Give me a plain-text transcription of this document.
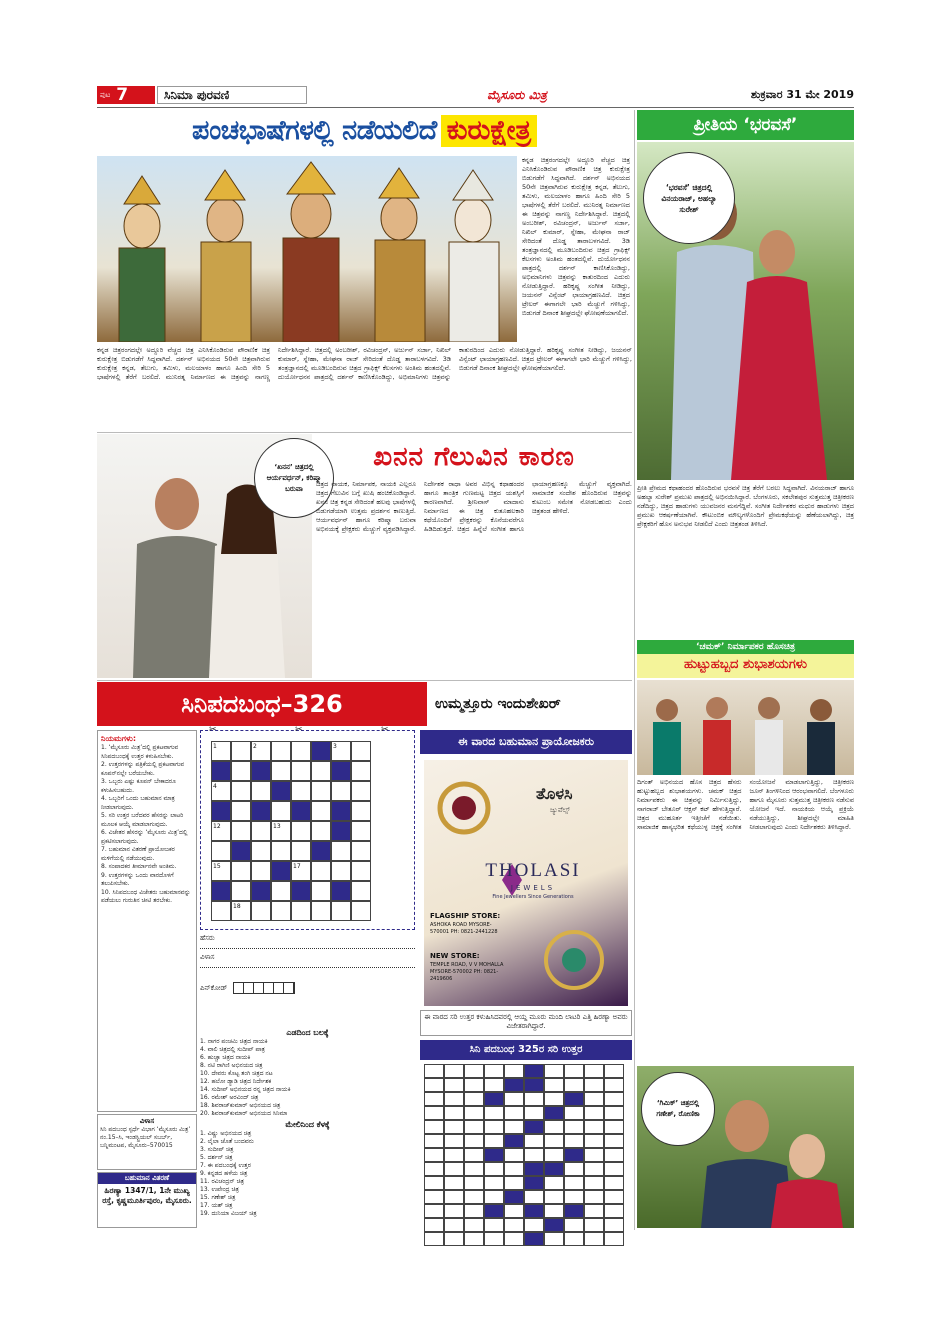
ಪುಟ 7	ಸಿನಿಮಾ ಪುರವಣಿ	ಮೈಸೂರು ಮಿತ್ರ	ಶುಕ್ರವಾರ 31 ಮೇ 2019
ಪಂಚಭಾಷೆಗಳಲ್ಲಿ ನಡೆಯಲಿದೆ ಕುರುಕ್ಷೇತ್ರ
ಕನ್ನಡ ಚಿತ್ರರಂಗದಲ್ಲೇ ಅದ್ದೂರಿ ವೆಚ್ಚದ ಚಿತ್ರ ಎನಿಸಿಕೊಂಡಿರುವ ಪೌರಾಣಿಕ ಚಿತ್ರ ಕುರುಕ್ಷೇತ್ರ ಬಿಡುಗಡೆಗೆ ಸಿದ್ಧವಾಗಿದೆ. ದರ್ಶನ್ ಅಭಿನಯದ 50ನೇ ಚಿತ್ರವಾಗಿರುವ ಕುರುಕ್ಷೇತ್ರ ಕನ್ನಡ, ತೆಲುಗು, ತಮಿಳು, ಮಲಯಾಳಂ ಹಾಗೂ ಹಿಂದಿ ಸೇರಿ 5 ಭಾಷೆಗಳಲ್ಲಿ ತೆರೆಗೆ ಬರಲಿದೆ. ಮುನಿರತ್ನ ನಿರ್ಮಾಣದ ಈ ಚಿತ್ರವನ್ನು ನಾಗಣ್ಣ ನಿರ್ದೇಶಿಸಿದ್ದಾರೆ. ಚಿತ್ರದಲ್ಲಿ ಅಂಬರೀಶ್, ರವಿಚಂದ್ರನ್, ಅರ್ಜುನ್ ಸರ್ಜಾ, ನಿಖಿಲ್ ಕುಮಾರ್, ಸ್ನೇಹಾ, ಮೇಘನಾ ರಾಜ್ ಸೇರಿದಂತೆ ದೊಡ್ಡ ತಾರಾಬಳಗವಿದೆ. 3ಡಿ ತಂತ್ರಜ್ಞಾನದಲ್ಲಿ ಮೂಡಿಬಂದಿರುವ ಚಿತ್ರದ ಗ್ರಾಫಿಕ್ಸ್ ಕೆಲಸಗಳು ಅಂತಿಮ ಹಂತದಲ್ಲಿವೆ. ದುರ್ಯೋಧನನ ಪಾತ್ರದಲ್ಲಿ ದರ್ಶನ್ ಕಾಣಿಸಿಕೊಂಡಿದ್ದು, ಅಭಿಮಾನಿಗಳು ಚಿತ್ರವನ್ನು ಕಾತುರದಿಂದ ಎದುರು ನೋಡುತ್ತಿದ್ದಾರೆ. ಹರಿಕೃಷ್ಣ ಸಂಗೀತ ನೀಡಿದ್ದು, ಜಯನನ್ ವಿನ್ಸೆಂಟ್ ಛಾಯಾಗ್ರಹಣವಿದೆ. ಚಿತ್ರದ ಟ್ರೇಲರ್ ಈಗಾಗಲೇ ಭಾರಿ ಮೆಚ್ಚುಗೆ ಗಳಿಸಿದ್ದು, ಬಿಡುಗಡೆ ದಿನಾಂಕ ಶೀಘ್ರದಲ್ಲೇ ಘೋಷಣೆಯಾಗಲಿದೆ.
ಕನ್ನಡ ಚಿತ್ರರಂಗದಲ್ಲೇ ಅದ್ದೂರಿ ವೆಚ್ಚದ ಚಿತ್ರ ಎನಿಸಿಕೊಂಡಿರುವ ಪೌರಾಣಿಕ ಚಿತ್ರ ಕುರುಕ್ಷೇತ್ರ ಬಿಡುಗಡೆಗೆ ಸಿದ್ಧವಾಗಿದೆ. ದರ್ಶನ್ ಅಭಿನಯದ 50ನೇ ಚಿತ್ರವಾಗಿರುವ ಕುರುಕ್ಷೇತ್ರ ಕನ್ನಡ, ತೆಲುಗು, ತಮಿಳು, ಮಲಯಾಳಂ ಹಾಗೂ ಹಿಂದಿ ಸೇರಿ 5 ಭಾಷೆಗಳಲ್ಲಿ ತೆರೆಗೆ ಬರಲಿದೆ. ಮುನಿರತ್ನ ನಿರ್ಮಾಣದ ಈ ಚಿತ್ರವನ್ನು ನಾಗಣ್ಣ ನಿರ್ದೇಶಿಸಿದ್ದಾರೆ. ಚಿತ್ರದಲ್ಲಿ ಅಂಬರೀಶ್, ರವಿಚಂದ್ರನ್, ಅರ್ಜುನ್ ಸರ್ಜಾ, ನಿಖಿಲ್ ಕುಮಾರ್, ಸ್ನೇಹಾ, ಮೇಘನಾ ರಾಜ್ ಸೇರಿದಂತೆ ದೊಡ್ಡ ತಾರಾಬಳಗವಿದೆ. 3ಡಿ ತಂತ್ರಜ್ಞಾನದಲ್ಲಿ ಮೂಡಿಬಂದಿರುವ ಚಿತ್ರದ ಗ್ರಾಫಿಕ್ಸ್ ಕೆಲಸಗಳು ಅಂತಿಮ ಹಂತದಲ್ಲಿವೆ. ದುರ್ಯೋಧನನ ಪಾತ್ರದಲ್ಲಿ ದರ್ಶನ್ ಕಾಣಿಸಿಕೊಂಡಿದ್ದು, ಅಭಿಮಾನಿಗಳು ಚಿತ್ರವನ್ನು ಕಾತುರದಿಂದ ಎದುರು ನೋಡುತ್ತಿದ್ದಾರೆ. ಹರಿಕೃಷ್ಣ ಸಂಗೀತ ನೀಡಿದ್ದು, ಜಯನನ್ ವಿನ್ಸೆಂಟ್ ಛಾಯಾಗ್ರಹಣವಿದೆ. ಚಿತ್ರದ ಟ್ರೇಲರ್ ಈಗಾಗಲೇ ಭಾರಿ ಮೆಚ್ಚುಗೆ ಗಳಿಸಿದ್ದು, ಬಿಡುಗಡೆ ದಿನಾಂಕ ಶೀಘ್ರದಲ್ಲೇ ಘೋಷಣೆಯಾಗಲಿದೆ.
ಪ್ರೀತಿಯ ‘ಭರವಸೆ’
‘ಭರವಸೆ’ ಚಿತ್ರದಲ್ಲಿ ವಿನಯರಾಜ್, ಅಹಲ್ಯಾ ಸುರೇಶ್
ಪ್ರೀತಿ ಪ್ರೇಮದ ಕಥಾಹಂದರ ಹೊಂದಿರುವ ಭರವಸೆ ಚಿತ್ರ ತೆರೆಗೆ ಬರಲು ಸಿದ್ಧವಾಗಿದೆ. ವಿನಯರಾಜ್ ಹಾಗೂ ಅಹಲ್ಯಾ ಸುರೇಶ್ ಪ್ರಮುಖ ಪಾತ್ರದಲ್ಲಿ ಅಭಿನಯಿಸಿದ್ದಾರೆ. ಬೆಂಗಳೂರು, ಸಕಲೇಶಪುರ ಸುತ್ತಮುತ್ತ ಚಿತ್ರೀಕರಣ ನಡೆದಿದ್ದು, ಚಿತ್ರದ ಹಾಡುಗಳು ಯುವಜನರ ಮನಗೆದ್ದಿವೆ. ಸಂಗೀತ ನಿರ್ದೇಶಕರ ಮಧುರ ಹಾಡುಗಳು ಚಿತ್ರದ ಪ್ರಮುಖ ಆಕರ್ಷಣೆಯಾಗಿವೆ. ಕೌಟುಂಬಿಕ ಮೌಲ್ಯಗಳೊಂದಿಗೆ ಪ್ರೇಮಕಥೆಯನ್ನು ಹೆಣೆಯಲಾಗಿದ್ದು, ಚಿತ್ರ ಪ್ರೇಕ್ಷಕರಿಗೆ ಹೊಸ ಅನುಭವ ನೀಡಲಿದೆ ಎಂದು ಚಿತ್ರತಂಡ ತಿಳಿಸಿದೆ.
‘ಖನನ’ ಚಿತ್ರದಲ್ಲಿ ಆರ್ಯವರ್ಧನ್, ಕರಿಷ್ಮಾ ಬರುವಾ
ಖನನ ಗೆಲುವಿನ ಕಾರಣ
ಚಿತ್ರದ ನಾಯಕ, ನಿರ್ಮಾಪಕ, ನಾಯಕಿ ಎಲ್ಲರೂ ಚಿತ್ರದ ಗೆಲುವಿನ ಬಗ್ಗೆ ಖುಷಿ ಹಂಚಿಕೊಂಡಿದ್ದಾರೆ. ಖನನ ಚಿತ್ರ ಕನ್ನಡ ಸೇರಿದಂತೆ ಹಲವು ಭಾಷೆಗಳಲ್ಲಿ ಬಿಡುಗಡೆಯಾಗಿ ಉತ್ತಮ ಪ್ರದರ್ಶನ ಕಾಣುತ್ತಿದೆ. ಆರ್ಯವರ್ಧನ್ ಹಾಗೂ ಕರಿಷ್ಮಾ ಬರುವಾ ಅಭಿನಯಕ್ಕೆ ಪ್ರೇಕ್ಷಕರು ಮೆಚ್ಚುಗೆ ವ್ಯಕ್ತಪಡಿಸಿದ್ದಾರೆ. ನಿರ್ದೇಶಕ ರಾಧಾ ಅವರ ವಿಭಿನ್ನ ಕಥಾಹಂದರ ಹಾಗೂ ತಾಂತ್ರಿಕ ಗುಣಮಟ್ಟ ಚಿತ್ರದ ಯಶಸ್ಸಿಗೆ ಕಾರಣವಾಗಿದೆ. ಶ್ರೀನಿವಾಸ್ ಮಾದಾಸು ನಿರ್ಮಾಣದ ಈ ಚಿತ್ರ ಕುತೂಹಲಕಾರಿ ಕಥೆಯೊಂದಿಗೆ ಪ್ರೇಕ್ಷಕರನ್ನು ಕೊನೆಯವರೆಗೂ ಹಿಡಿದಿಡುತ್ತದೆ. ಚಿತ್ರದ ಹಿನ್ನೆಲೆ ಸಂಗೀತ ಹಾಗೂ ಛಾಯಾಗ್ರಹಣಕ್ಕೂ ಮೆಚ್ಚುಗೆ ವ್ಯಕ್ತವಾಗಿದೆ. ಸಾಮಾಜಿಕ ಸಂದೇಶ ಹೊಂದಿರುವ ಚಿತ್ರವನ್ನು ಕುಟುಂಬ ಸಮೇತ ನೋಡಬಹುದು ಎಂದು ಚಿತ್ರತಂಡ ಹೇಳಿದೆ.
‘ಚಮಕ್’ ನಿರ್ಮಾಪಕರ ಹೊಸಚಿತ್ರ
ಹುಟ್ಟುಹಬ್ಬದ ಶುಭಾಶಯಗಳು
ದಿಗಂತ್ ಅಭಿನಯದ ಹೊಸ ಚಿತ್ರದ ಹೆಸರು ಹುಟ್ಟುಹಬ್ಬದ ಶುಭಾಶಯಗಳು. ಚಮಕ್ ಚಿತ್ರದ ನಿರ್ಮಾಪಕರು ಈ ಚಿತ್ರವನ್ನು ನಿರ್ಮಿಸುತ್ತಿದ್ದು, ನಾಗರಾಜ್ ಬೇತೂರ್ ಆಕ್ಷನ್ ಕಟ್ ಹೇಳುತ್ತಿದ್ದಾರೆ. ಚಿತ್ರದ ಮುಹೂರ್ತ ಇತ್ತೀಚೆಗೆ ನಡೆಯಿತು. ಸಾಮಾಜಿಕ ಹಾಸ್ಯಭರಿತ ಕಥೆಯುಳ್ಳ ಚಿತ್ರಕ್ಕೆ ಸಂಗೀತ ಸಂಯೋಜನೆ ಮಾಡಲಾಗುತ್ತಿದ್ದು, ಚಿತ್ರೀಕರಣ ಜೂನ್ ತಿಂಗಳಿನಿಂದ ಆರಂಭವಾಗಲಿದೆ. ಬೆಂಗಳೂರು ಹಾಗೂ ಮೈಸೂರು ಸುತ್ತಮುತ್ತ ಚಿತ್ರೀಕರಣ ನಡೆಸುವ ಯೋಜನೆ ಇದೆ. ನಾಯಕಿಯ ಆಯ್ಕೆ ಪ್ರಕ್ರಿಯೆ ನಡೆಯುತ್ತಿದ್ದು, ಶೀಘ್ರದಲ್ಲೇ ಮಾಹಿತಿ ನೀಡಲಾಗುವುದು ಎಂದು ನಿರ್ದೇಶಕರು ತಿಳಿಸಿದ್ದಾರೆ.
‘ಗಿಮಿಕ್’ ಚಿತ್ರದಲ್ಲಿ ಗಣೇಶ್, ರೋಣಿಕಾ
ಸಿನಿಪದಬಂಧ–326	ಉಮ್ಮತ್ತೂರು ಇಂದುಶೇಖರ್
ನಿಯಮಗಳು:
1. ‘ಮೈಸೂರು ಮಿತ್ರ’ದಲ್ಲಿ ಪ್ರಕಟವಾಗುವ ಸಿನಿಪದಬಂಧಕ್ಕೆ ಉತ್ತರ ಕಳುಹಿಸಬೇಕು.
2. ಉತ್ತರಗಳನ್ನು ಪತ್ರಿಕೆಯಲ್ಲಿ ಪ್ರಕಟವಾಗುವ ಕೂಪನ್‌ನಲ್ಲೇ ಬರೆಯಬೇಕು.
3. ಒಬ್ಬರು ಎಷ್ಟು ಕೂಪನ್ ಬೇಕಾದರೂ ಕಳುಹಿಸಬಹುದು.
4. ಒಬ್ಬರಿಗೆ ಒಂದು ಬಹುಮಾನ ಮಾತ್ರ ನೀಡಲಾಗುವುದು.
5. ಸರಿ ಉತ್ತರ ಬರೆದವರ ಹೆಸರನ್ನು ಲಾಟರಿ ಮೂಲಕ ಆಯ್ಕೆ ಮಾಡಲಾಗುವುದು.
6. ವಿಜೇತರ ಹೆಸರನ್ನು ‘ಮೈಸೂರು ಮಿತ್ರ’ದಲ್ಲಿ ಪ್ರಕಟಿಸಲಾಗುವುದು.
7. ಬಹುಮಾನ ವಿತರಣೆ ಪ್ರಾಯೋಜಕರ ಮಳಿಗೆಯಲ್ಲಿ ನಡೆಯುವುದು.
8. ಸಂಪಾದಕರ ತೀರ್ಮಾನವೇ ಅಂತಿಮ.
9. ಉತ್ತರಗಳನ್ನು ಒಂದು ವಾರದೊಳಗೆ ತಲುಪಿಸಬೇಕು.
10. ಸಿನಿಪದಬಂಧ ವಿಜೇತರು ಬಹುಮಾನವನ್ನು ಪಡೆಯಲು ಗುರುತಿನ ಚೀಟಿ ತರಬೇಕು.
ವಿಳಾಸ
ಸಿನಿ ಪದಬಂಧ ಸ್ಪರ್ಧೆ ವಿಭಾಗ ‘ಮೈಸೂರು ಮಿತ್ರ’ ನಂ.15–ಸಿ, ಇಂಡಸ್ಟ್ರಿಯಲ್ ಸಬರ್ಬ್, ಬನ್ನಿಮಂಟಪ, ಮೈಸೂರು–570015
ಬಹುಮಾನ ವಿತರಣೆ
ಹಿರಣ್ಯಾ 1347/1, 1ನೇ ಮುಖ್ಯ ರಸ್ತೆ, ಕೃಷ್ಣಮೂರ್ತಿಪುರಂ, ಮೈಸೂರು.
✂	✂	✂
1	2	3
4
12	13
15	17
18
ಹೆಸರು
ವಿಳಾಸ
ಪಿನ್‌ಕೋಡ್
ಎಡದಿಂದ ಬಲಕ್ಕೆ
1. ನಾಗರ ಪಂಚಮಿ ಚಿತ್ರದ ನಾಯಕಿ
4. ವಾಲಿ ಚಿತ್ರದಲ್ಲಿ ಸುದೀಪ್ ಪಾತ್ರ
6. ಹುಚ್ಚಾ ಚಿತ್ರದ ನಾಯಕಿ
8. ನಟಿ ರಾಗಿಣಿ ಅಭಿನಯದ ಚಿತ್ರ
10. ದೇವರು ಕೊಟ್ಟ ತಂಗಿ ಚಿತ್ರದ ನಟ
12. ಹಲೋ ಡ್ಯಾಡಿ ಚಿತ್ರದ ನಿರ್ದೇಶಕ
14. ಸುದೀಪ್ ಅಭಿನಯದ ರನ್ನ ಚಿತ್ರದ ನಾಯಕಿ
16. ರಮೇಶ್ ಅರವಿಂದ್ ಚಿತ್ರ
18. ಶಿವರಾಜ್‌ಕುಮಾರ್ ಅಭಿನಯದ ಚಿತ್ರ
20. ಶಿವರಾಜ್‌ಕುಮಾರ್ ಅಭಿನಯದ ಸಿನಿಮಾ
ಮೇಲಿನಿಂದ ಕೆಳಕ್ಕೆ
1. ವಿಷ್ಣು ಅಭಿನಯದ ಚಿತ್ರ
2. ಲೈಲಾ ಜೊತೆ ಬಂದವನು
3. ಸುದೀಪ್ ಚಿತ್ರ
5. ದರ್ಶನ್ ಚಿತ್ರ
7. ಈ ಪದಬಂಧಕ್ಕೆ ಉತ್ತರ
9. ಕನ್ನಡದ ಹಳೆಯ ಚಿತ್ರ
11. ರವಿಚಂದ್ರನ್ ಚಿತ್ರ
13. ಉಪೇಂದ್ರ ಚಿತ್ರ
15. ಗಣೇಶ್ ಚಿತ್ರ
17. ಯಶ್ ಚಿತ್ರ
19. ದುನಿಯಾ ವಿಜಯ್ ಚಿತ್ರ
ಈ ವಾರದ ಬಹುಮಾನ ಪ್ರಾಯೋಜಕರು
ತೊಳಸಿ
ಜ್ಯುವೆಲ್ಸ್
THOLASI
JEWELS
Fine Jewellers Since Generations
FLAGSHIP STORE:
ASHOKA ROAD MYSORE- 570001 PH: 0821-2441228
NEW STORE:
TEMPLE ROAD, V V MOHALLA MYSORE-570002 PH: 0821-2419606
ಈ ವಾರದ ಸರಿ ಉತ್ತರ ಕಳುಹಿಸಿದವರಲ್ಲಿ ಆಯ್ದ ಮೂರು ಮಂದಿ ಲಾಟರಿ ಎತ್ತಿ ಹಿರಣ್ಯಾ ಅವರು ವಿಜೇತರಾಗಿದ್ದಾರೆ.
ಸಿನಿ ಪದಬಂಧ 325ರ ಸರಿ ಉತ್ತರ
